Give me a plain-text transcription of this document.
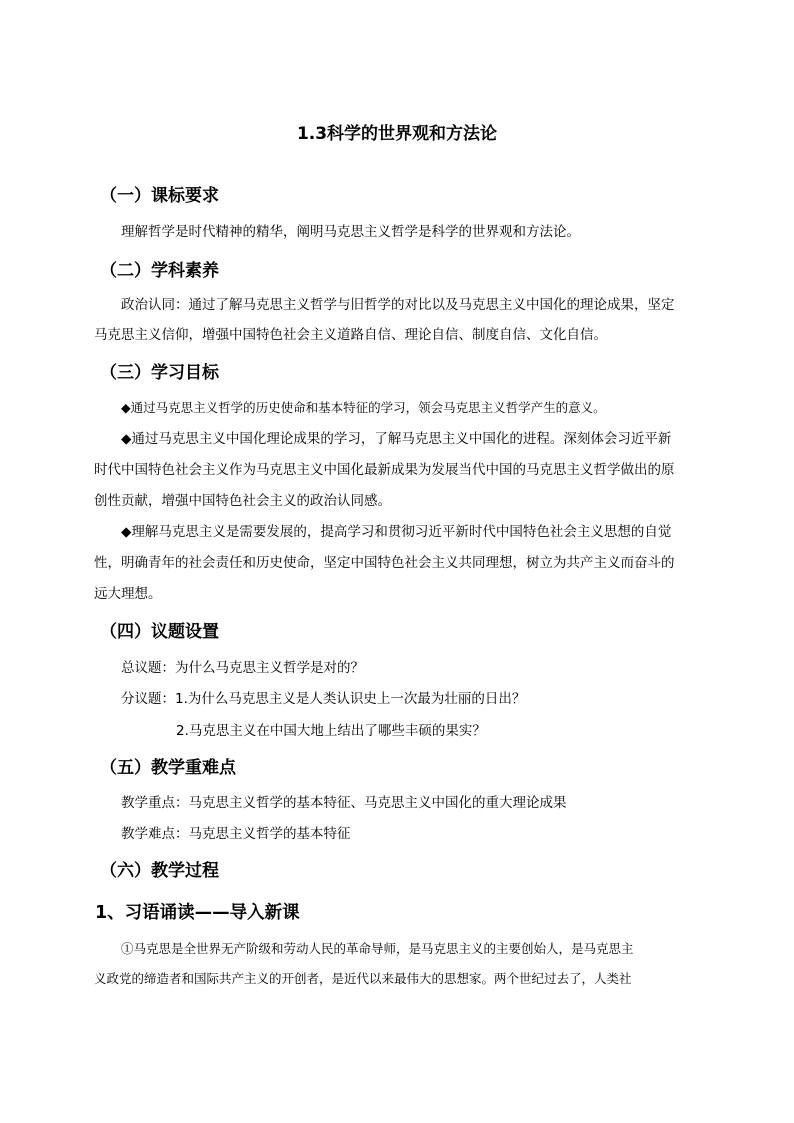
1.3科学的世界观和方法论
（一）课标要求
理解哲学是时代精神的精华，阐明马克思主义哲学是科学的世界观和方法论。
（二）学科素养
政治认同：通过了解马克思主义哲学与旧哲学的对比以及马克思主义中国化的理论成果，坚定
马克思主义信仰，增强中国特色社会主义道路自信、理论自信、制度自信、文化自信。
（三）学习目标
◆通过马克思主义哲学的历史使命和基本特征的学习，领会马克思主义哲学产生的意义。
◆通过马克思主义中国化理论成果的学习，了解马克思主义中国化的进程。深刻体会习近平新
时代中国特色社会主义作为马克思主义中国化最新成果为发展当代中国的马克思主义哲学做出的原
创性贡献，增强中国特色社会主义的政治认同感。
◆理解马克思主义是需要发展的，提高学习和贯彻习近平新时代中国特色社会主义思想的自觉
性，明确青年的社会责任和历史使命，坚定中国特色社会主义共同理想，树立为共产主义而奋斗的
远大理想。
（四）议题设置
总议题：为什么马克思主义哲学是对的？
分议题：1.为什么马克思主义是人类认识史上一次最为壮丽的日出？
2.马克思主义在中国大地上结出了哪些丰硕的果实？
（五）教学重难点
教学重点：马克思主义哲学的基本特征、马克思主义中国化的重大理论成果
教学难点：马克思主义哲学的基本特征
（六）教学过程
1、习语诵读——导入新课
①马克思是全世界无产阶级和劳动人民的革命导师，是马克思主义的主要创始人，是马克思主
义政党的缔造者和国际共产主义的开创者，是近代以来最伟大的思想家。两个世纪过去了，人类社
